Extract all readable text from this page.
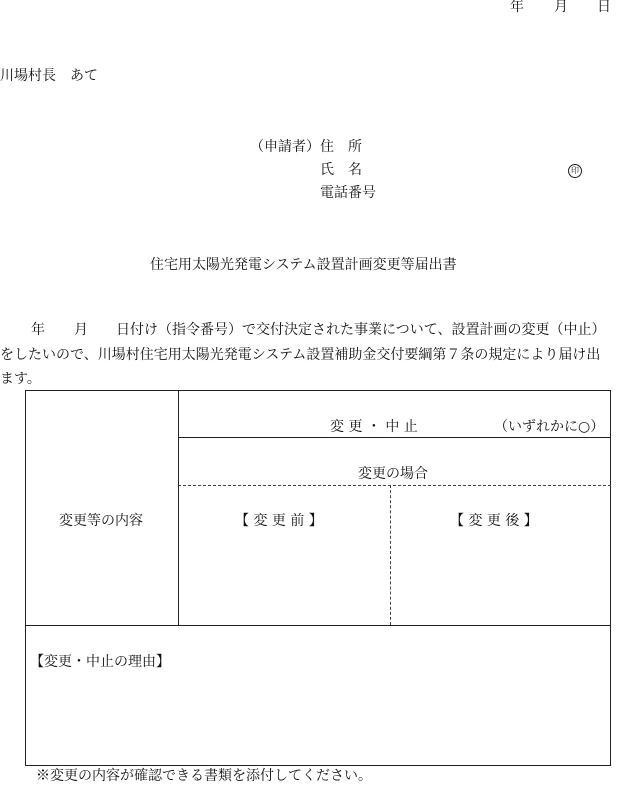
年 月 日
川場村長　あて
（申請者） 住　所
氏　名	印
電話番号
住宅用太陽光発電システム設置計画変更等届出書
年 月 日付け（指令番号）で交付決定された事業について、設置計画の変更（中止）
をしたいので、川場村住宅用太陽光発電システム設置補助金交付要綱第７条の規定により届け出
ます。
変更等の内容
変 更 ・ 中 止	（いずれかに○）
変更の場合
【 変 更 前 】	【 変 更 後 】
【変更・中止の理由】
※変更の内容が確認できる書類を添付してください。
